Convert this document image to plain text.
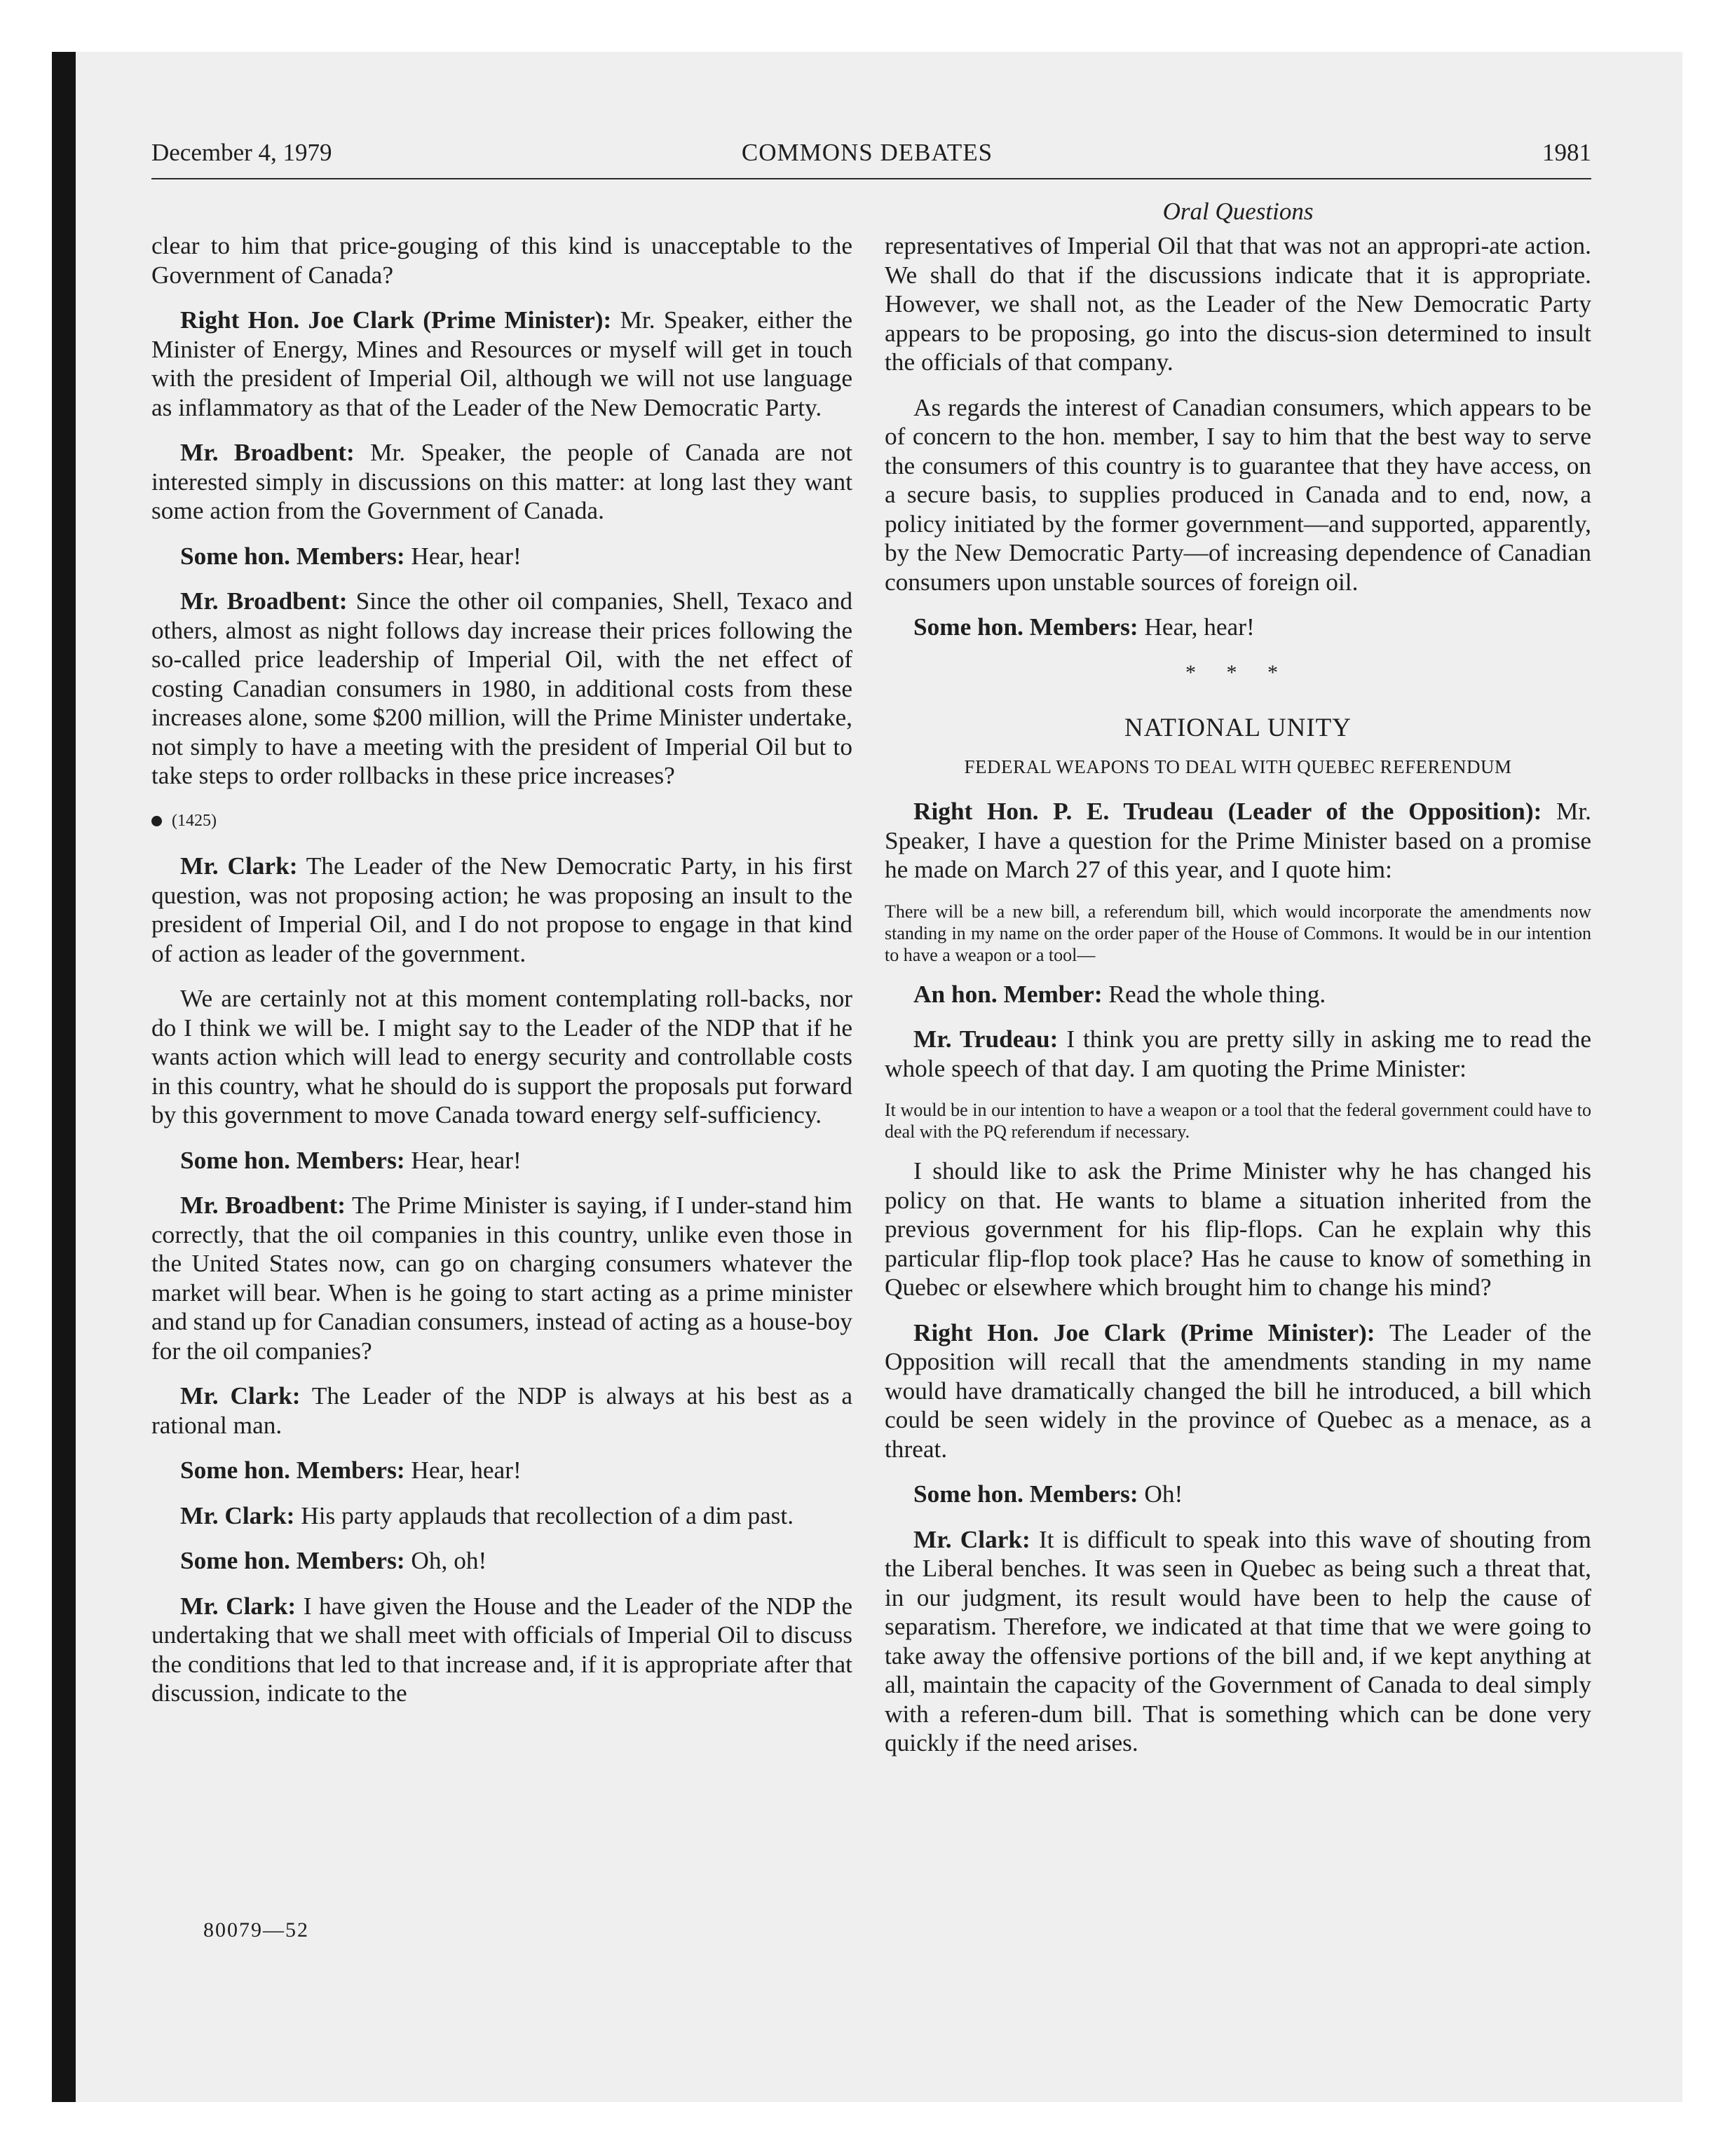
December 4, 1979	COMMONS DEBATES	1981
Oral Questions

clear to him that price-gouging of this kind is unacceptable to the Government of Canada?

Right Hon. Joe Clark (Prime Minister): Mr. Speaker, either the Minister of Energy, Mines and Resources or myself will get in touch with the president of Imperial Oil, although we will not use language as inflammatory as that of the Leader of the New Democratic Party.

Mr. Broadbent: Mr. Speaker, the people of Canada are not interested simply in discussions on this matter: at long last they want some action from the Government of Canada.

Some hon. Members: Hear, hear!

Mr. Broadbent: Since the other oil companies, Shell, Texaco and others, almost as night follows day increase their prices following the so-called price leadership of Imperial Oil, with the net effect of costing Canadian consumers in 1980, in additional costs from these increases alone, some $200 million, will the Prime Minister undertake, not simply to have a meeting with the president of Imperial Oil but to take steps to order rollbacks in these price increases?

(1425)

Mr. Clark: The Leader of the New Democratic Party, in his first question, was not proposing action; he was proposing an insult to the president of Imperial Oil, and I do not propose to engage in that kind of action as leader of the government.

We are certainly not at this moment contemplating roll-backs, nor do I think we will be. I might say to the Leader of the NDP that if he wants action which will lead to energy security and controllable costs in this country, what he should do is support the proposals put forward by this government to move Canada toward energy self-sufficiency.

Some hon. Members: Hear, hear!

Mr. Broadbent: The Prime Minister is saying, if I under-stand him correctly, that the oil companies in this country, unlike even those in the United States now, can go on charging consumers whatever the market will bear. When is he going to start acting as a prime minister and stand up for Canadian consumers, instead of acting as a house-boy for the oil companies?

Mr. Clark: The Leader of the NDP is always at his best as a rational man.

Some hon. Members: Hear, hear!

Mr. Clark: His party applauds that recollection of a dim past.

Some hon. Members: Oh, oh!

Mr. Clark: I have given the House and the Leader of the NDP the undertaking that we shall meet with officials of Imperial Oil to discuss the conditions that led to that increase and, if it is appropriate after that discussion, indicate to the

representatives of Imperial Oil that that was not an appropri-ate action. We shall do that if the discussions indicate that it is appropriate. However, we shall not, as the Leader of the New Democratic Party appears to be proposing, go into the discus-sion determined to insult the officials of that company.

As regards the interest of Canadian consumers, which appears to be of concern to the hon. member, I say to him that the best way to serve the consumers of this country is to guarantee that they have access, on a secure basis, to supplies produced in Canada and to end, now, a policy initiated by the former government—and supported, apparently, by the New Democratic Party—of increasing dependence of Canadian consumers upon unstable sources of foreign oil.

Some hon. Members: Hear, hear!

* * *
NATIONAL UNITY
FEDERAL WEAPONS TO DEAL WITH QUEBEC REFERENDUM

Right Hon. P. E. Trudeau (Leader of the Opposition): Mr. Speaker, I have a question for the Prime Minister based on a promise he made on March 27 of this year, and I quote him:

There will be a new bill, a referendum bill, which would incorporate the amendments now standing in my name on the order paper of the House of Commons. It would be in our intention to have a weapon or a tool—

An hon. Member: Read the whole thing.

Mr. Trudeau: I think you are pretty silly in asking me to read the whole speech of that day. I am quoting the Prime Minister:

It would be in our intention to have a weapon or a tool that the federal government could have to deal with the PQ referendum if necessary.

I should like to ask the Prime Minister why he has changed his policy on that. He wants to blame a situation inherited from the previous government for his flip-flops. Can he explain why this particular flip-flop took place? Has he cause to know of something in Quebec or elsewhere which brought him to change his mind?

Right Hon. Joe Clark (Prime Minister): The Leader of the Opposition will recall that the amendments standing in my name would have dramatically changed the bill he introduced, a bill which could be seen widely in the province of Quebec as a menace, as a threat.

Some hon. Members: Oh!

Mr. Clark: It is difficult to speak into this wave of shouting from the Liberal benches. It was seen in Quebec as being such a threat that, in our judgment, its result would have been to help the cause of separatism. Therefore, we indicated at that time that we were going to take away the offensive portions of the bill and, if we kept anything at all, maintain the capacity of the Government of Canada to deal simply with a referen-dum bill. That is something which can be done very quickly if the need arises.

80079—52
